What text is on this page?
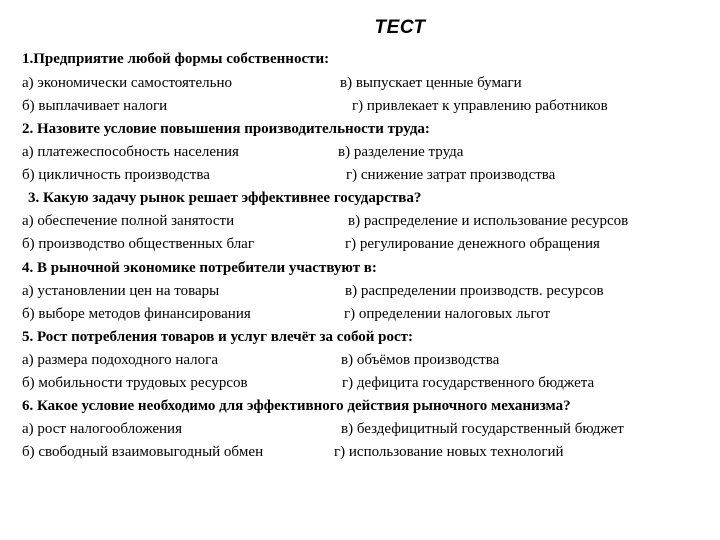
ТЕСТ
1.Предприятие любой формы собственности:
а) экономически самостоятельно	в) выпускает ценные бумаги
б) выплачивает налоги	г) привлекает к управлению работников
2. Назовите условие повышения производительности труда:
а) платежеспособность населения	в) разделение труда
б) цикличность производства	г) снижение затрат производства
3. Какую задачу рынок решает эффективнее государства?
а) обеспечение полной занятости	в) распределение и использование ресурсов
б) производство общественных благ	г) регулирование денежного обращения
4. В рыночной экономике потребители участвуют в:
а) установлении цен на товары	в) распределении производств. ресурсов
б) выборе методов финансирования	г) определении налоговых льгот
5. Рост потребления товаров и услуг влечёт за собой рост:
а) размера подоходного налога	в) объёмов производства
б) мобильности трудовых ресурсов	г) дефицита государственного бюджета
6. Какое условие необходимо для эффективного действия рыночного механизма?
а) рост налогообложения	в) бездефицитный государственный бюджет
б) свободный взаимовыгодный обмен	г) использование новых технологий
